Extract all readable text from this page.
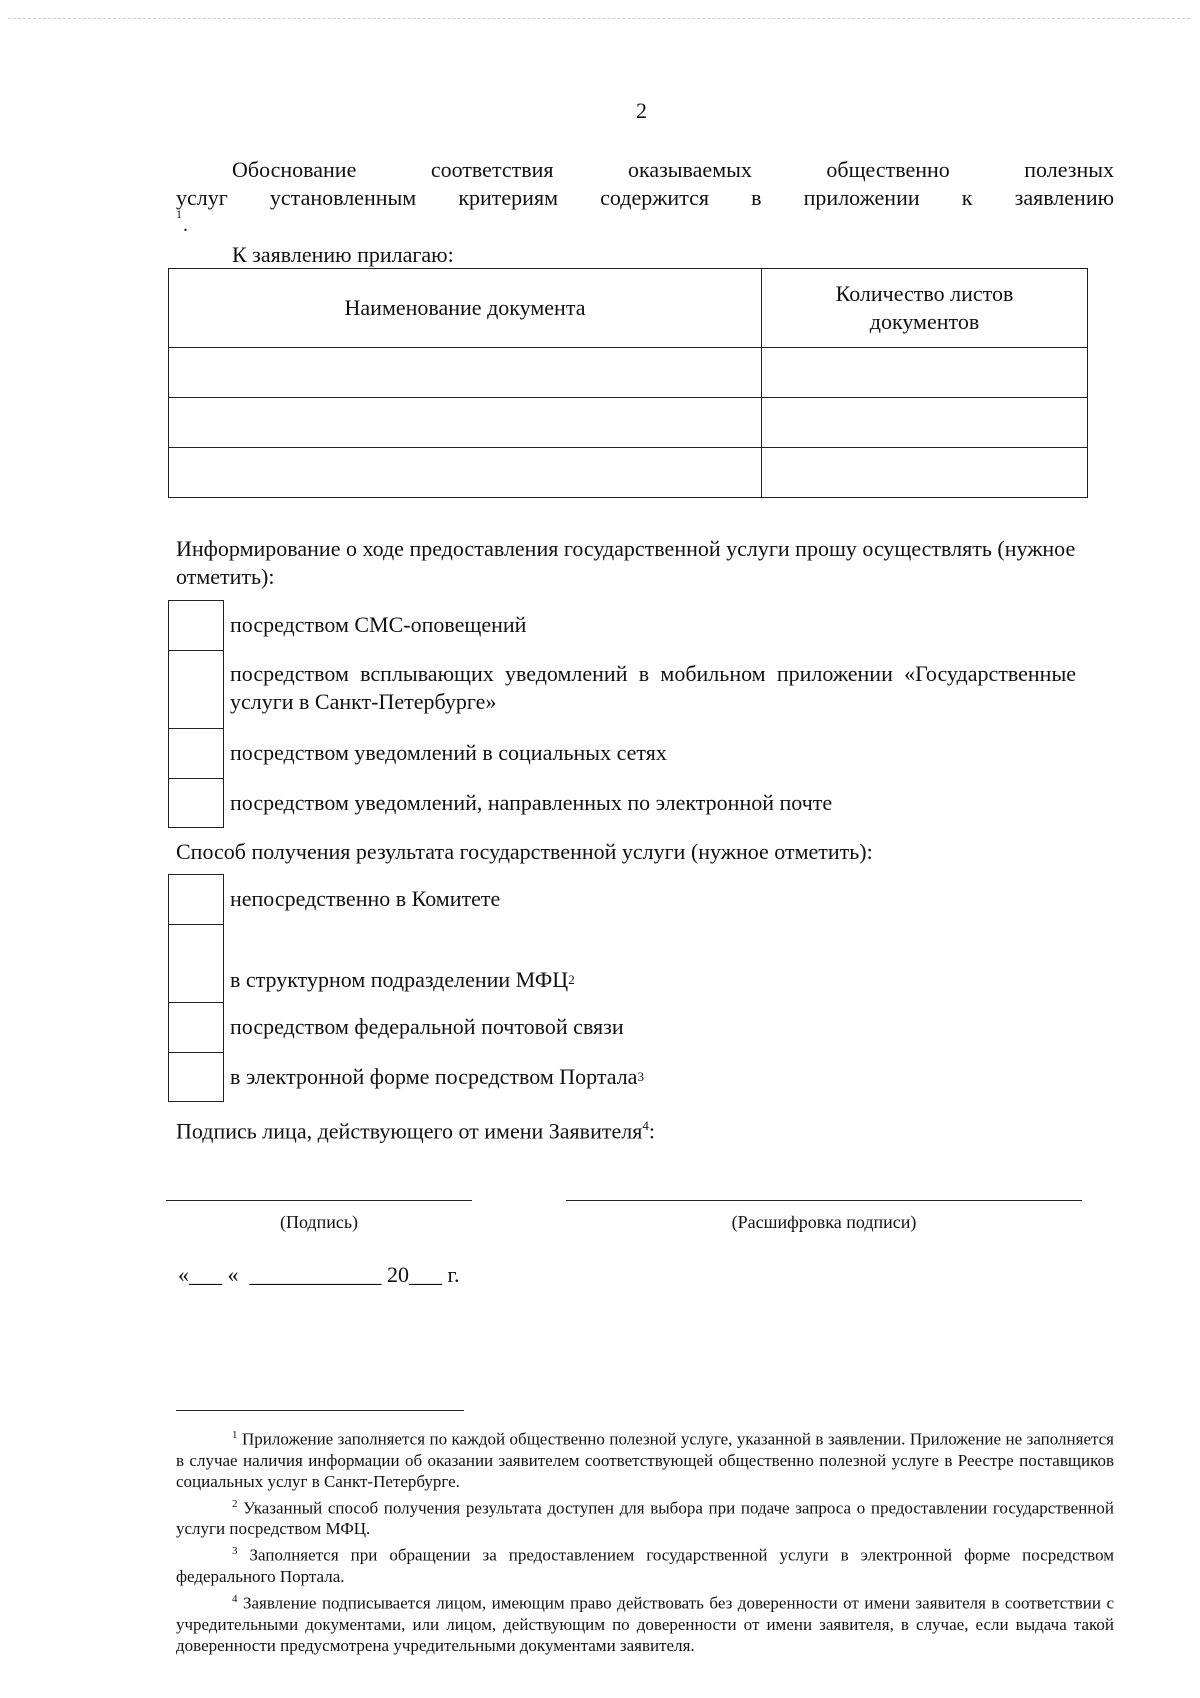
2
Обоснование	соответствия	оказываемых	общественно	полезных
услуг установленным критериям содержится в приложении к заявлению
1 .
К заявлению прилагаю:
Наименование документа	Количество листов документов

Информирование о ходе предоставления государственной услуги прошу осуществлять (нужное отметить):
посредством СМС-оповещений
посредством всплывающих уведомлений в мобильном приложении «Государственные услуги в Санкт-Петербурге»
посредством уведомлений в социальных сетях
посредством уведомлений, направленных по электронной почте
Способ получения результата государственной услуги (нужное отметить):
непосредственно в Комитете
в структурном подразделении МФЦ 2
посредством федеральной почтовой связи
в электронной форме посредством Портала 3
Подпись лица, действующего от имени Заявителя$^4$:
(Подпись)	(Расшифровка подписи)
«___ «  ____________ 20___ г.

$^1$ Приложение заполняется по каждой общественно полезной услуге, указанной в заявлении. Приложение не заполняется в случае наличия информации об оказании заявителем соответствующей общественно полезной услуге в Реестре поставщиков социальных услуг в Санкт-Петербурге.

$^2$ Указанный способ получения результата доступен для выбора при подаче запроса о предоставлении государственной услуги посредством МФЦ.

$^3$ Заполняется при обращении за предоставлением государственной услуги в электронной форме посредством федерального Портала.

$^4$ Заявление подписывается лицом, имеющим право действовать без доверенности от имени заявителя в соответствии с учредительными документами, или лицом, действующим по доверенности от имени заявителя, в случае, если выдача такой доверенности предусмотрена учредительными документами заявителя.
